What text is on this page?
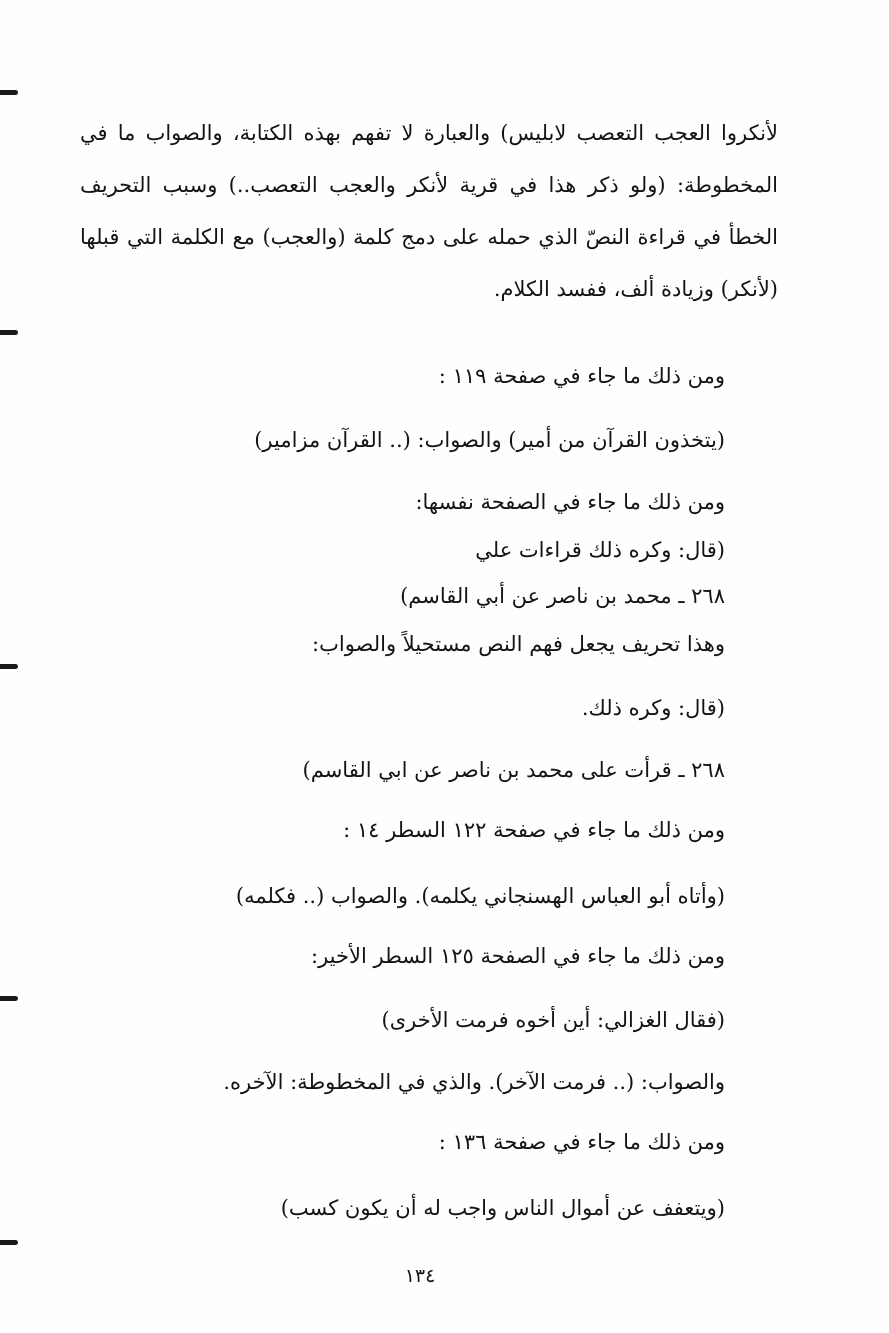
لأنكروا العجب التعصب لابليس) والعبارة لا تفهم بهذه الكتابة، والصواب ما في المخطوطة: (ولو ذكر هذا في قرية لأنكر والعجب التعصب..) وسبب التحريف الخطأ في قراءة النصّ الذي حمله على دمج كلمة (والعجب) مع الكلمة التي قبلها (لأنكر) وزيادة ألف، ففسد الكلام.

ومن ذلك ما جاء في صفحة ١١٩ :
(يتخذون القرآن من أمير) والصواب: (.. القرآن مزامير)
ومن ذلك ما جاء في الصفحة نفسها:
(قال: وكره ذلك قراءات علي
٢٦٨ ـ محمد بن ناصر عن أبي القاسم)
وهذا تحريف يجعل فهم النص مستحيلاً والصواب:
(قال: وكره ذلك.
٢٦٨ ـ قرأت على محمد بن ناصر عن ابي القاسم)
ومن ذلك ما جاء في صفحة ١٢٢ السطر ١٤ :
(وأتاه أبو العباس الهسنجاني يكلمه). والصواب (.. فكلمه)
ومن ذلك ما جاء في الصفحة ١٢٥ السطر الأخير:
(فقال الغزالي: أين أخوه فرمت الأخرى)
والصواب: (.. فرمت الآخر). والذي في المخطوطة: الآخره.
ومن ذلك ما جاء في صفحة ١٣٦ :
(ويتعفف عن أموال الناس واجب له أن يكون كسب)
١٣٤
